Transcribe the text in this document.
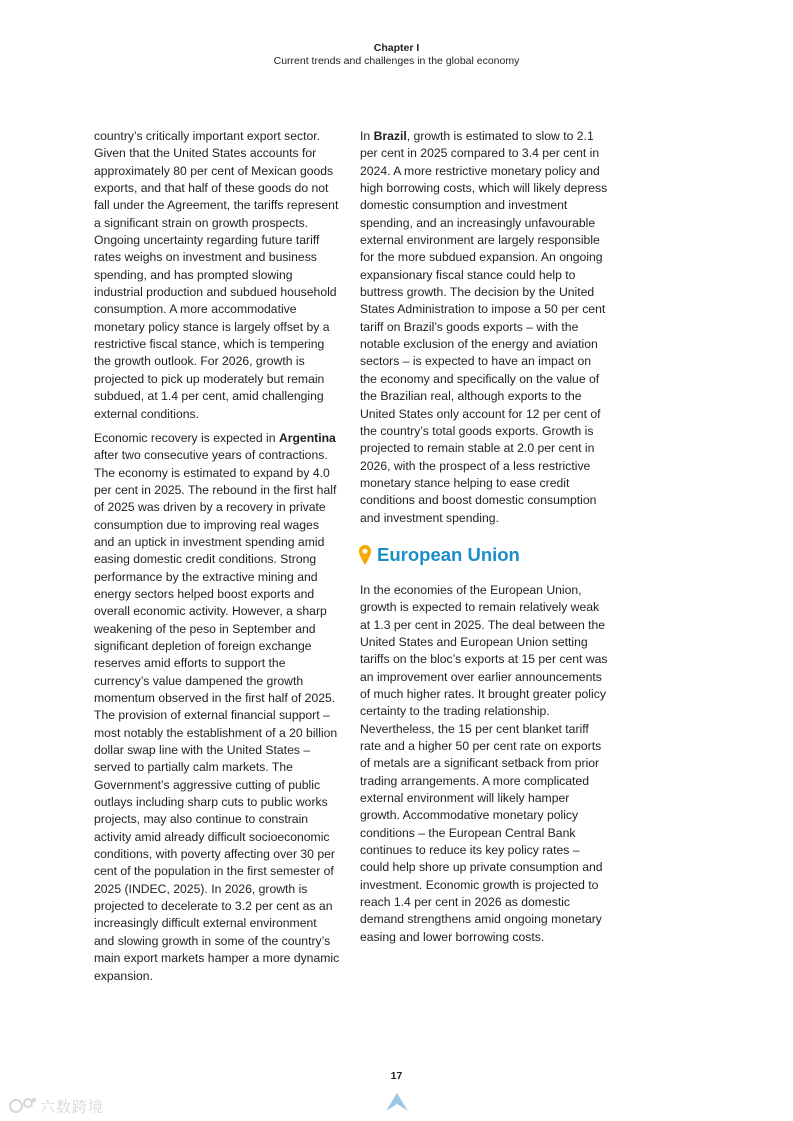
Chapter I
Current trends and challenges in the global economy

country’s critically important export sector. Given that the United States accounts for approximately 80 per cent of Mexican goods exports, and that half of these goods do not fall under the Agreement, the tariffs represent a significant strain on growth prospects. Ongoing uncertainty regarding future tariff rates weighs on investment and business spending, and has prompted slowing industrial production and subdued household consumption. A more accommodative monetary policy stance is largely offset by a restrictive fiscal stance, which is tempering the growth outlook. For 2026, growth is projected to pick up moderately but remain subdued, at 1.4 per cent, amid challenging external conditions.

Economic recovery is expected in Argentina after two consecutive years of contractions. The economy is estimated to expand by 4.0 per cent in 2025. The rebound in the first half of 2025 was driven by a recovery in private consumption due to improving real wages and an uptick in investment spending amid easing domestic credit conditions. Strong performance by the extractive mining and energy sectors helped boost exports and overall economic activity. However, a sharp weakening of the peso in September and significant depletion of foreign exchange reserves amid efforts to support the currency’s value dampened the growth momentum observed in the first half of 2025. The provision of external financial support – most notably the establishment of a 20 billion dollar swap line with the United States – served to partially calm markets. The Government’s aggressive cutting of public outlays including sharp cuts to public works projects, may also continue to constrain activity amid already difficult socioeconomic conditions, with poverty affecting over 30 per cent of the population in the first semester of 2025 (INDEC, 2025). In 2026, growth is projected to decelerate to 3.2 per cent as an increasingly difficult external environment and slowing growth in some of the country’s main export markets hamper a more dynamic expansion.

In Brazil, growth is estimated to slow to 2.1 per cent in 2025 compared to 3.4 per cent in 2024. A more restrictive monetary policy and high borrowing costs, which will likely depress domestic consumption and investment spending, and an increasingly unfavourable external environment are largely responsible for the more subdued expansion. An ongoing expansionary fiscal stance could help to buttress growth. The decision by the United States Administration to impose a 50 per cent tariff on Brazil’s goods exports – with the notable exclusion of the energy and aviation sectors – is expected to have an impact on the economy and specifically on the value of the Brazilian real, although exports to the United States only account for 12 per cent of the country’s total goods exports. Growth is projected to remain stable at 2.0 per cent in 2026, with the prospect of a less restrictive monetary stance helping to ease credit conditions and boost domestic consumption and investment spending.

European Union

In the economies of the European Union, growth is expected to remain relatively weak at 1.3 per cent in 2025. The deal between the United States and European Union setting tariffs on the bloc’s exports at 15 per cent was an improvement over earlier announcements of much higher rates. It brought greater policy certainty to the trading relationship. Nevertheless, the 15 per cent blanket tariff rate and a higher 50 per cent rate on exports of metals are a significant setback from prior trading arrangements. A more complicated external environment will likely hamper growth. Accommodative monetary policy conditions – the European Central Bank continues to reduce its key policy rates – could help shore up private consumption and investment. Economic growth is projected to reach 1.4 per cent in 2026 as domestic demand strengthens amid ongoing monetary easing and lower borrowing costs.

17
六数跨境
